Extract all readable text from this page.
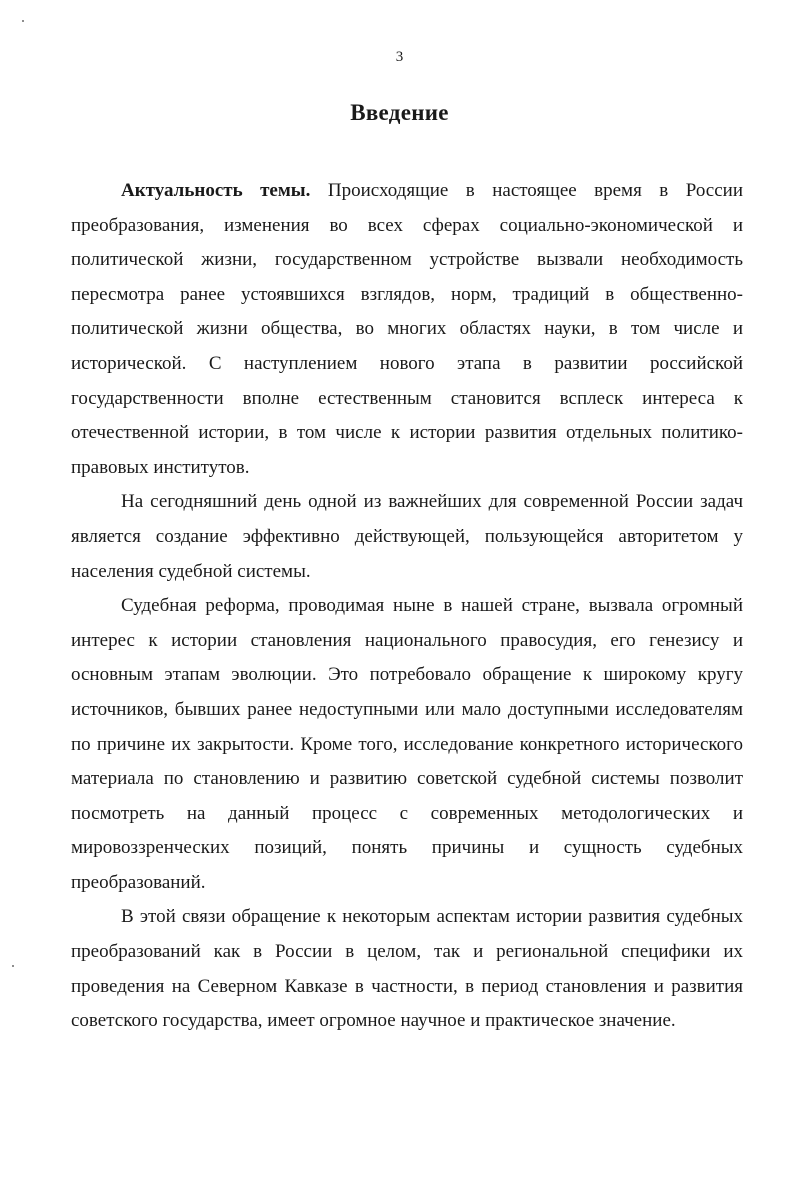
3
Введение

Актуальность темы. Происходящие в настоящее время в России преобразования, изменения во всех сферах социально-экономической и политической жизни, государственном устройстве вызвали необходимость пересмотра ранее устоявшихся взглядов, норм, традиций в общественно-политической жизни общества, во многих областях науки, в том числе и исторической. С наступлением нового этапа в развитии российской государственности вполне естественным становится всплеск интереса к отечественной истории, в том числе к истории развития отдельных политико-правовых институтов.

На сегодняшний день одной из важнейших для современной России задач является создание эффективно действующей, пользующейся авторитетом у населения судебной системы.

Судебная реформа, проводимая ныне в нашей стране, вызвала огромный интерес к истории становления национального правосудия, его генезису и основным этапам эволюции. Это потребовало обращение к широкому кругу источников, бывших ранее недоступными или мало доступными исследователям по причине их закрытости. Кроме того, исследование конкретного исторического материала по становлению и развитию советской судебной системы позволит посмотреть на данный процесс с современных методологических и мировоззренческих позиций, понять причины и сущность судебных преобразований.

В этой связи обращение к некоторым аспектам истории развития судебных преобразований как в России в целом, так и региональной специфики их проведения на Северном Кавказе в частности, в период становления и развития советского государства, имеет огромное научное и практическое значение.
